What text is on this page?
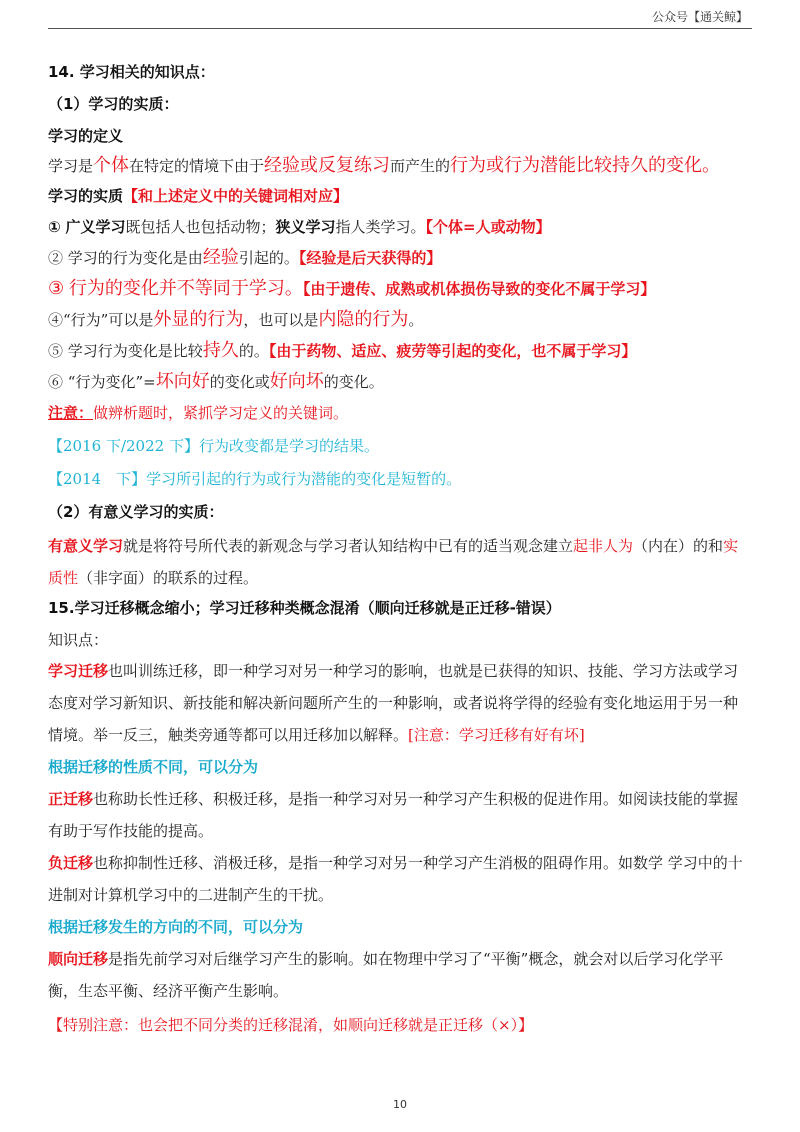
公众号【通关鲸】

14. 学习相关的知识点：

（1）学习的实质：

学习的定义

学习是个体在特定的情境下由于经验或反复练习而产生的行为或行为潜能比较持久的变化。

学习的实质【和上述定义中的关键词相对应】

① 广义学习既包括人也包括动物；狭义学习指人类学习。【个体=人或动物】

② 学习的行为变化是由经验引起的。【经验是后天获得的】

③ 行为的变化并不等同于学习。【由于遗传、成熟或机体损伤导致的变化不属于学习】

④“行为”可以是外显的行为，也可以是内隐的行为。

⑤ 学习行为变化是比较持久的。【由于药物、适应、疲劳等引起的变化，也不属于学习】

⑥ “行为变化”=坏向好的变化或好向坏的变化。

注意：做辨析题时，紧抓学习定义的关键词。

【2016 下/2022 下】行为改变都是学习的结果。

【2014　下】学习所引起的行为或行为潜能的变化是短暂的。

（2）有意义学习的实质：

有意义学习就是将符号所代表的新观念与学习者认知结构中已有的适当观念建立起非人为（内在）的和实质性（非字面）的联系的过程。

15.学习迁移概念缩小；学习迁移种类概念混淆（顺向迁移就是正迁移-错误）

知识点：

学习迁移也叫训练迁移，即一种学习对另一种学习的影响，也就是已获得的知识、技能、学习方法或学习态度对学习新知识、新技能和解决新问题所产生的一种影响，或者说将学得的经验有变化地运用于另一种情境。举一反三，触类旁通等都可以用迁移加以解释。[注意：学习迁移有好有坏]

根据迁移的性质不同，可以分为

正迁移也称助长性迁移、积极迁移，是指一种学习对另一种学习产生积极的促进作用。如阅读技能的掌握有助于写作技能的提高。

负迁移也称抑制性迁移、消极迁移，是指一种学习对另一种学习产生消极的阻碍作用。如数学 学习中的十进制对计算机学习中的二进制产生的干扰。

根据迁移发生的方向的不同，可以分为

顺向迁移是指先前学习对后继学习产生的影响。如在物理中学习了“平衡”概念，就会对以后学习化学平衡，生态平衡、经济平衡产生影响。

【特别注意：也会把不同分类的迁移混淆，如顺向迁移就是正迁移（×）】

10
